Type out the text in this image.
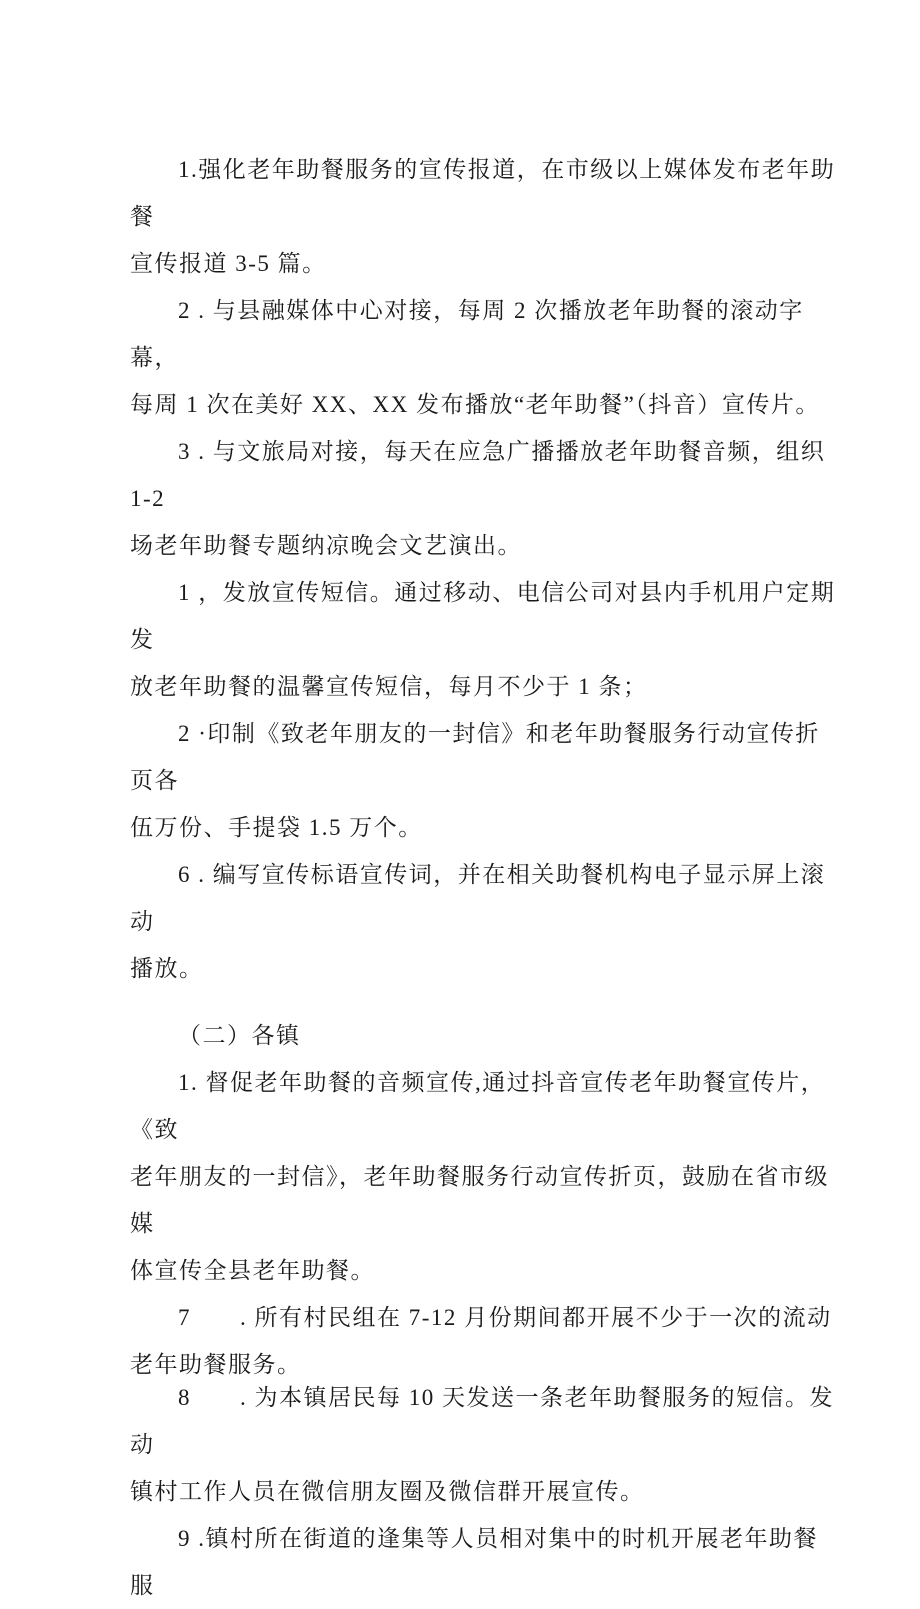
1.强化老年助餐服务的宣传报道，在市级以上媒体发布老年助餐
宣传报道 3-5 篇。
2 . 与县融媒体中心对接，每周 2 次播放老年助餐的滚动字幕，
每周 1 次在美好 XX、XX 发布播放“老年助餐”（抖音）宣传片。
3 . 与文旅局对接，每天在应急广播播放老年助餐音频，组织 1-2
场老年助餐专题纳凉晚会文艺演出。
1 ，发放宣传短信。通过移动、电信公司对县内手机用户定期发
放老年助餐的温馨宣传短信，每月不少于 1 条；
2 ·印制《致老年朋友的一封信》和老年助餐服务行动宣传折页各
伍万份、手提袋 1.5 万个。
6 . 编写宣传标语宣传词，并在相关助餐机构电子显示屏上滚动
播放。
（二）各镇
1. 督促老年助餐的音频宣传,通过抖音宣传老年助餐宣传片，《致
老年朋友的一封信》，老年助餐服务行动宣传折页，鼓励在省市级媒
体宣传全县老年助餐。
7　　. 所有村民组在 7-12 月份期间都开展不少于一次的流动
老年助餐服务。
8　　. 为本镇居民每 10 天发送一条老年助餐服务的短信。发动
镇村工作人员在微信朋友圈及微信群开展宣传。
9 .镇村所在街道的逢集等人员相对集中的时机开展老年助餐服
